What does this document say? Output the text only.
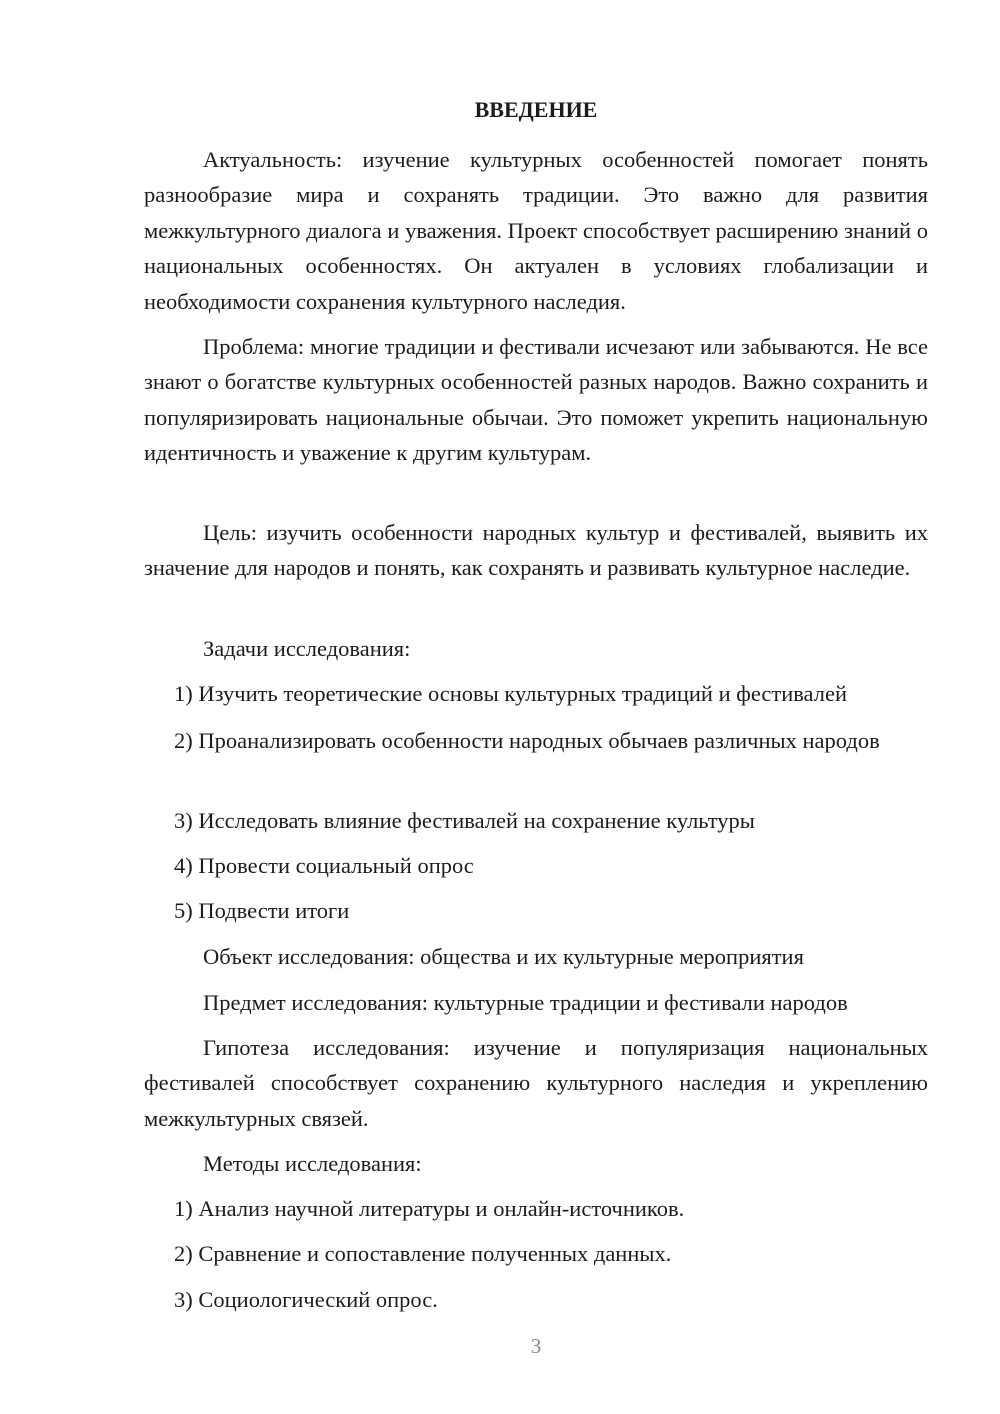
ВВЕДЕНИЕ

Актуальность: изучение культурных особенностей помогает понять разнообразие мира и сохранять традиции. Это важно для развития межкультурного диалога и уважения. Проект способствует расширению знаний о национальных особенностях. Он актуален в условиях глобализации и необходимости сохранения культурного наследия.

Проблема: многие традиции и фестивали исчезают или забываются. Не все знают о богатстве культурных особенностей разных народов. Важно сохранить и популяризировать национальные обычаи. Это поможет укрепить национальную идентичность и уважение к другим культурам.

Цель: изучить особенности народных культур и фестивалей, выявить их значение для народов и понять, как сохранять и развивать культурное наследие.

Задачи исследования:

1) Изучить теоретические основы культурных традиций и фестивалей

2) Проанализировать особенности народных обычаев различных народов

3) Исследовать влияние фестивалей на сохранение культуры

4) Провести социальный опрос

5) Подвести итоги

Объект исследования: общества и их культурные мероприятия

Предмет исследования: культурные традиции и фестивали народов

Гипотеза исследования: изучение и популяризация национальных фестивалей способствует сохранению культурного наследия и укреплению межкультурных связей.

Методы исследования:

1) Анализ научной литературы и онлайн-источников.

2) Сравнение и сопоставление полученных данных.

3) Социологический опрос.

3
